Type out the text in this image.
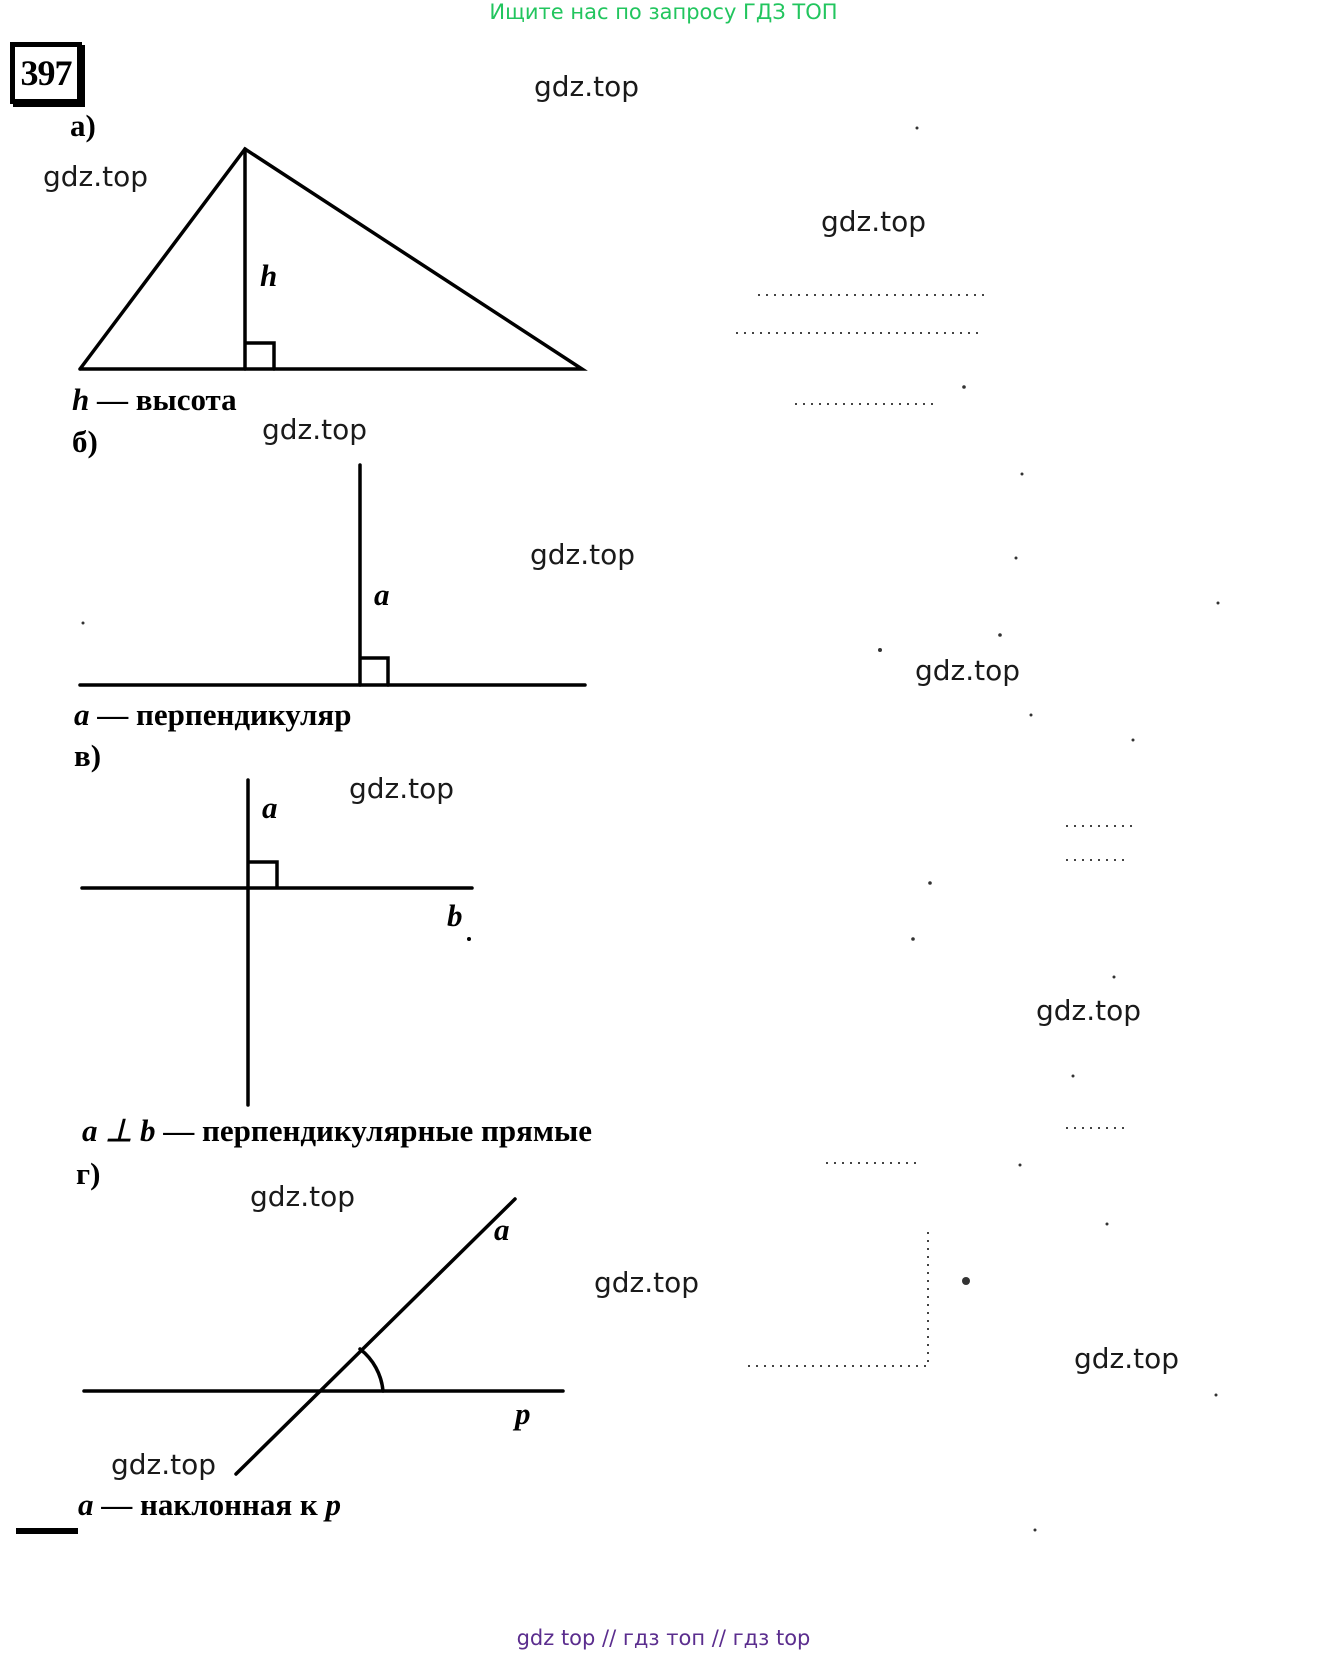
Ищите нас по запросу ГДЗ ТОП
397	gdz.top
gdz.top
gdz.top
gdz.top
gdz.top
gdz.top
gdz.top
gdz.top
gdz.top
gdz.top
gdz.top
gdz.top
а)
h
h — высота
б)
a
a — перпендикуляр
в)
a
b
a ⊥ b — перпендикулярные прямые
г)
a
p
a — наклонная к p
gdz top // гдз топ // гдз top
